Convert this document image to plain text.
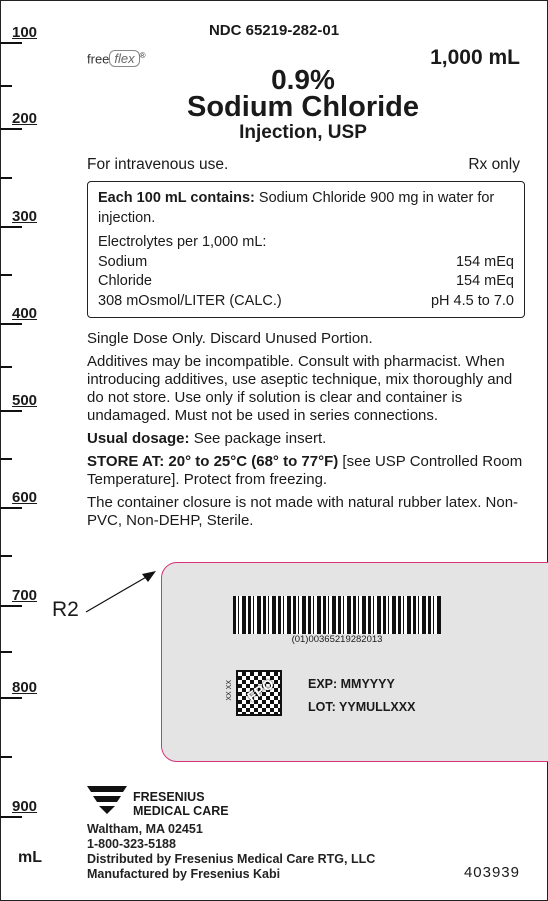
100
200
300
400
500
600
700
800
900
mL
NDC 65219-282-01
free flex ®	1,000 mL
0.9%
Sodium Chloride
Injection, USP
For intravenous use.	Rx only
Each 100 mL contains: Sodium Chloride 900 mg in water for injection.
Electrolytes per 1,000 mL:
Sodium	154 mEq
Chloride	154 mEq
308 mOsmol/LITER (CALC.)	pH 4.5 to 7.0

Single Dose Only. Discard Unused Portion.

Additives may be incompatible. Consult with pharmacist. When introducing additives, use aseptic technique, mix thoroughly and do not store. Use only if solution is clear and container is undamaged. Must not be used in series connections.

Usual dosage: See package insert.

STORE AT: 20° to 25°C (68° to 77°F) [see USP Controlled Room Temperature]. Protect from freezing.

The container closure is not made with natural rubber latex. Non-PVC, Non-DEHP, Sterile.

R2
(01)00365219282013
XX XX FPO EXP: MMYYYY
LOT: YYMULLXXX
FRESENIUS
MEDICAL CARE
Waltham, MA 02451
1-800-323-5188
Distributed by Fresenius Medical Care RTG, LLC
Manufactured by Fresenius Kabi	403939
